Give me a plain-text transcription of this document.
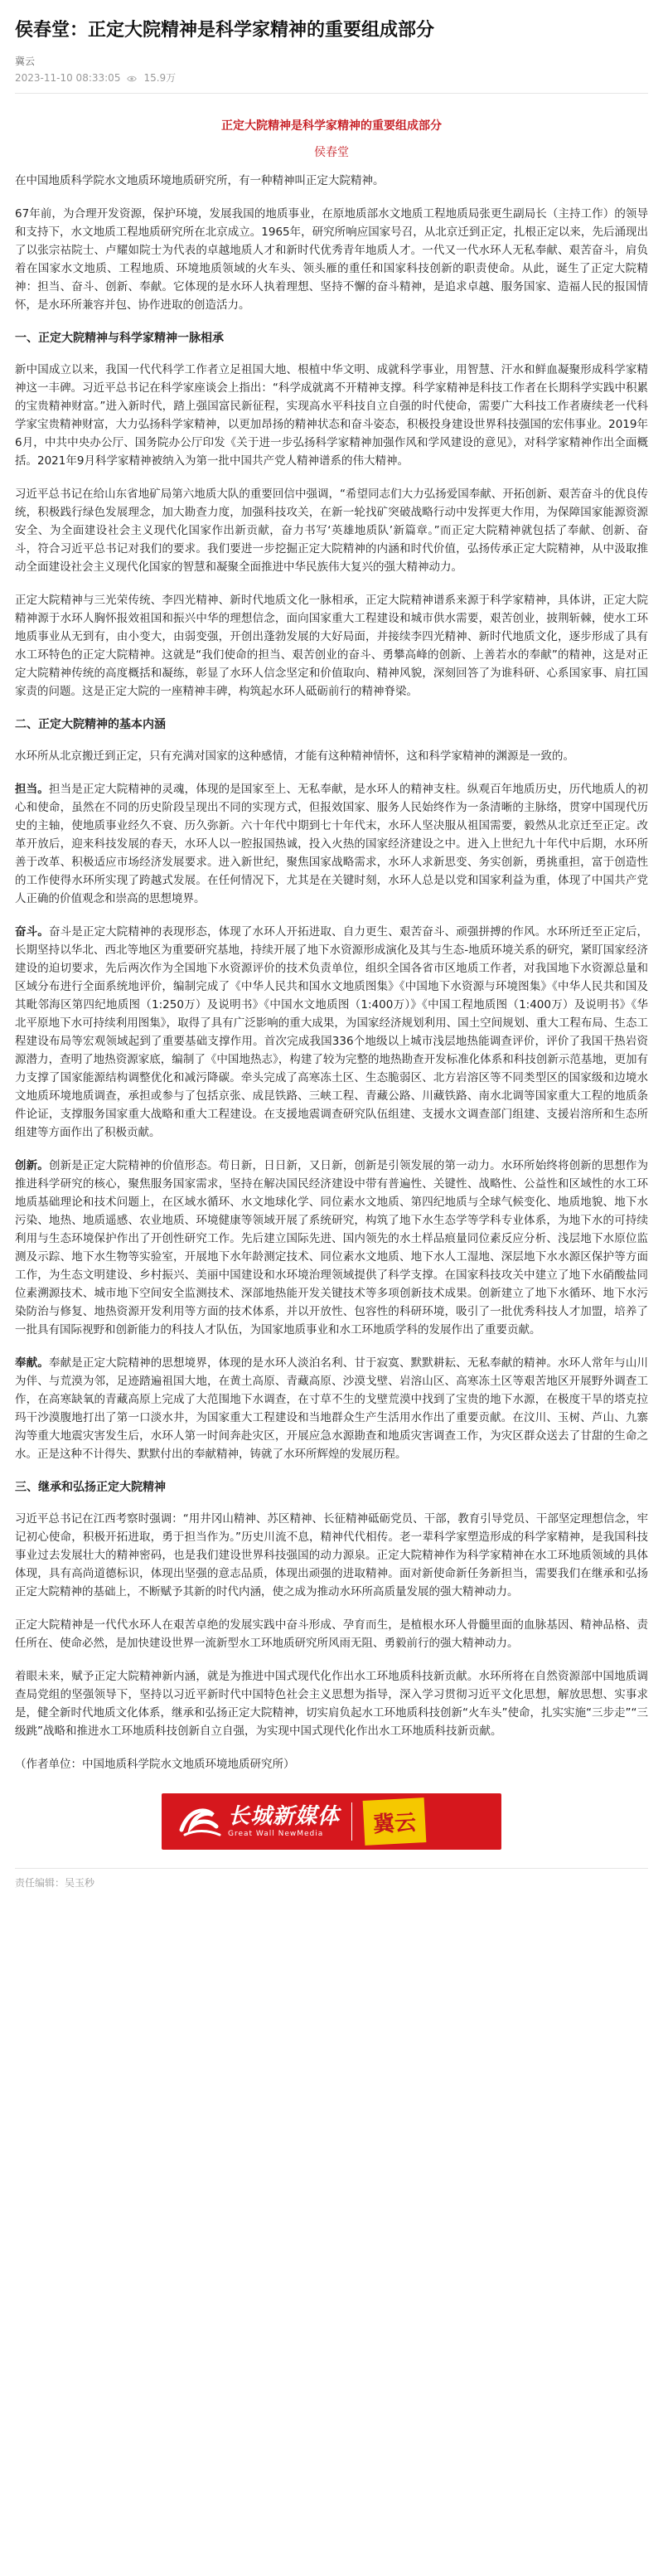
侯春堂：正定大院精神是科学家精神的重要组成部分
冀云
2023-11-10 08:33:05 15.9万
正定大院精神是科学家精神的重要组成部分
侯春堂

在中国地质科学院水文地质环境地质研究所，有一种精神叫正定大院精神。

67年前，为合理开发资源，保护环境，发展我国的地质事业，在原地质部水文地质工程地质局张更生副局长（主持工作）的领导和支持下，水文地质工程地质研究所在北京成立。1965年，研究所响应国家号召，从北京迁到正定，扎根正定以来，先后涌现出了以张宗祜院士、卢耀如院士为代表的卓越地质人才和新时代优秀青年地质人才。一代又一代水环人无私奉献、艰苦奋斗，肩负着在国家水文地质、工程地质、环境地质领域的火车头、领头雁的重任和国家科技创新的职责使命。从此，诞生了正定大院精神：担当、奋斗、创新、奉献。它体现的是水环人执着理想、坚持不懈的奋斗精神，是追求卓越、服务国家、造福人民的报国情怀，是水环所兼容并包、协作进取的创造活力。

一、正定大院精神与科学家精神一脉相承

新中国成立以来，我国一代代科学工作者立足祖国大地、根植中华文明、成就科学事业，用智慧、汗水和鲜血凝聚形成科学家精神这一丰碑。习近平总书记在科学家座谈会上指出：“科学成就离不开精神支撑。科学家精神是科技工作者在长期科学实践中积累的宝贵精神财富。”进入新时代，踏上强国富民新征程，实现高水平科技自立自强的时代使命，需要广大科技工作者赓续老一代科学家宝贵精神财富，大力弘扬科学家精神，以更加昂扬的精神状态和奋斗姿态，积极投身建设世界科技强国的宏伟事业。2019年6月，中共中央办公厅、国务院办公厅印发《关于进一步弘扬科学家精神加强作风和学风建设的意见》，对科学家精神作出全面概括。2021年9月科学家精神被纳入为第一批中国共产党人精神谱系的伟大精神。

习近平总书记在给山东省地矿局第六地质大队的重要回信中强调，“希望同志们大力弘扬爱国奉献、开拓创新、艰苦奋斗的优良传统，积极践行绿色发展理念，加大勘查力度，加强科技攻关，在新一轮找矿突破战略行动中发挥更大作用，为保障国家能源资源安全、为全面建设社会主义现代化国家作出新贡献，奋力书写‘英雄地质队’新篇章。”而正定大院精神就包括了奉献、创新、奋斗，符合习近平总书记对我们的要求。我们要进一步挖掘正定大院精神的内涵和时代价值，弘扬传承正定大院精神，从中汲取推动全面建设社会主义现代化国家的智慧和凝聚全面推进中华民族伟大复兴的强大精神动力。

正定大院精神与三光荣传统、李四光精神、新时代地质文化一脉相承，正定大院精神谱系来源于科学家精神，具体讲，正定大院精神源于水环人胸怀报效祖国和振兴中华的理想信念，面向国家重大工程建设和城市供水需要，艰苦创业，披荆斩棘，使水工环地质事业从无到有，由小变大，由弱变强，开创出蓬勃发展的大好局面，并接续李四光精神、新时代地质文化，逐步形成了具有水工环特色的正定大院精神。这就是“我们使命的担当、艰苦创业的奋斗、勇攀高峰的创新、上善若水的奉献”的精神，这是对正定大院精神传统的高度概括和凝练，彰显了水环人信念坚定和价值取向、精神风貌，深刻回答了为谁科研、心系国家事、肩扛国家责的问题。这是正定大院的一座精神丰碑，构筑起水环人砥砺前行的精神脊梁。

二、正定大院精神的基本内涵

水环所从北京搬迁到正定，只有充满对国家的这种感情，才能有这种精神情怀，这和科学家精神的渊源是一致的。

担当。担当是正定大院精神的灵魂，体现的是国家至上、无私奉献，是水环人的精神支柱。纵观百年地质历史，历代地质人的初心和使命，虽然在不同的历史阶段呈现出不同的实现方式，但报效国家、服务人民始终作为一条清晰的主脉络，贯穿中国现代历史的主轴，使地质事业经久不衰、历久弥新。六十年代中期到七十年代末，水环人坚决服从祖国需要，毅然从北京迁至正定。改革开放后，迎来科技发展的春天，水环人以一腔报国热诚，投入火热的国家经济建设之中。进入上世纪九十年代中后期，水环所善于改革、积极适应市场经济发展要求。进入新世纪，聚焦国家战略需求，水环人求新思变、务实创新，勇挑重担，富于创造性的工作使得水环所实现了跨越式发展。在任何情况下，尤其是在关键时刻，水环人总是以党和国家利益为重，体现了中国共产党人正确的价值观念和崇高的思想境界。

奋斗。奋斗是正定大院精神的表现形态，体现了水环人开拓进取、自力更生、艰苦奋斗、顽强拼搏的作风。水环所迁至正定后，长期坚持以华北、西北等地区为重要研究基地，持续开展了地下水资源形成演化及其与生态-地质环境关系的研究，紧盯国家经济建设的迫切要求，先后两次作为全国地下水资源评价的技术负责单位，组织全国各省市区地质工作者，对我国地下水资源总量和区域分布进行全面系统地评价，编制完成了《中华人民共和国水文地质图集》《中国地下水资源与环境图集》《中华人民共和国及其毗邻海区第四纪地质图（1:250万）及说明书》《中国水文地质图（1:400万）》《中国工程地质图（1:400万）及说明书》《华北平原地下水可持续利用图集》，取得了具有广泛影响的重大成果，为国家经济规划利用、国土空间规划、重大工程布局、生态工程建设布局等宏观领域起到了重要基础支撑作用。首次完成我国336个地级以上城市浅层地热能调查评价，评价了我国干热岩资源潜力，查明了地热资源家底，编制了《中国地热志》，构建了较为完整的地热勘查开发标准化体系和科技创新示范基地，更加有力支撑了国家能源结构调整优化和减污降碳。牵头完成了高寒冻土区、生态脆弱区、北方岩溶区等不同类型区的国家级和边境水文地质环境地质调查，承担或参与了包括京张、成昆铁路、三峡工程、青藏公路、川藏铁路、南水北调等国家重大工程的地质条件论证，支撑服务国家重大战略和重大工程建设。在支援地震调查研究队伍组建、支援水文调查部门组建、支援岩溶所和生态所组建等方面作出了积极贡献。

创新。创新是正定大院精神的价值形态。苟日新，日日新，又日新，创新是引领发展的第一动力。水环所始终将创新的思想作为推进科学研究的核心，聚焦服务国家需求，坚持在解决国民经济建设中带有普遍性、关键性、战略性、公益性和区域性的水工环地质基础理论和技术问题上，在区域水循环、水文地球化学、同位素水文地质、第四纪地质与全球气候变化、地质地貌、地下水污染、地热、地质遥感、农业地质、环境健康等领域开展了系统研究，构筑了地下水生态学等学科专业体系，为地下水的可持续利用与生态环境保护作出了开创性研究工作。先后建立国际先进、国内领先的水土样品痕量同位素反应分析、浅层地下水原位监测及示踪、地下水生物等实验室，开展地下水年龄测定技术、同位素水文地质、地下水人工湿地、深层地下水水源区保护等方面工作，为生态文明建设、乡村振兴、美丽中国建设和水环境治理领域提供了科学支撑。在国家科技攻关中建立了地下水硝酸盐同位素溯源技术、城市地下空间安全监测技术、深部地热能开发关键技术等多项创新技术成果。创新建立了地下水循环、地下水污染防治与修复、地热资源开发利用等方面的技术体系，并以开放性、包容性的科研环境，吸引了一批优秀科技人才加盟，培养了一批具有国际视野和创新能力的科技人才队伍，为国家地质事业和水工环地质学科的发展作出了重要贡献。

奉献。奉献是正定大院精神的思想境界，体现的是水环人淡泊名利、甘于寂寞、默默耕耘、无私奉献的精神。水环人常年与山川为伴、与荒漠为邻，足迹踏遍祖国大地，在黄土高原、青藏高原、沙漠戈壁、岩溶山区、高寒冻土区等艰苦地区开展野外调查工作，在高寒缺氧的青藏高原上完成了大范围地下水调查，在寸草不生的戈壁荒漠中找到了宝贵的地下水源，在极度干旱的塔克拉玛干沙漠腹地打出了第一口淡水井，为国家重大工程建设和当地群众生产生活用水作出了重要贡献。在汶川、玉树、芦山、九寨沟等重大地震灾害发生后，水环人第一时间奔赴灾区，开展应急水源勘查和地质灾害调查工作，为灾区群众送去了甘甜的生命之水。正是这种不计得失、默默付出的奉献精神，铸就了水环所辉煌的发展历程。

三、继承和弘扬正定大院精神

习近平总书记在江西考察时强调：“用井冈山精神、苏区精神、长征精神砥砺党员、干部，教育引导党员、干部坚定理想信念，牢记初心使命，积极开拓进取，勇于担当作为。”历史川流不息，精神代代相传。老一辈科学家塑造形成的科学家精神，是我国科技事业过去发展壮大的精神密码，也是我们建设世界科技强国的动力源泉。正定大院精神作为科学家精神在水工环地质领域的具体体现，具有高尚道德标识，体现出坚强的意志品质，体现出顽强的进取精神。面对新使命新任务新担当，需要我们在继承和弘扬正定大院精神的基础上，不断赋予其新的时代内涵，使之成为推动水环所高质量发展的强大精神动力。

正定大院精神是一代代水环人在艰苦卓绝的发展实践中奋斗形成、孕育而生，是植根水环人骨髓里面的血脉基因、精神品格、责任所在、使命必然，是加快建设世界一流新型水工环地质研究所风雨无阻、勇毅前行的强大精神动力。

着眼未来，赋予正定大院精神新内涵，就是为推进中国式现代化作出水工环地质科技新贡献。水环所将在自然资源部中国地质调查局党组的坚强领导下，坚持以习近平新时代中国特色社会主义思想为指导，深入学习贯彻习近平文化思想，解放思想、实事求是，健全新时代地质文化体系，继承和弘扬正定大院精神，切实肩负起水工环地质科技创新“火车头”使命，扎实实施“三步走”“三级跳”战略和推进水工环地质科技创新自立自强，为实现中国式现代化作出水工环地质科技新贡献。

（作者单位：中国地质科学院水文地质环境地质研究所）

长城新媒体
Great Wall NewMedia	冀云
责任编辑：吴玉秒
